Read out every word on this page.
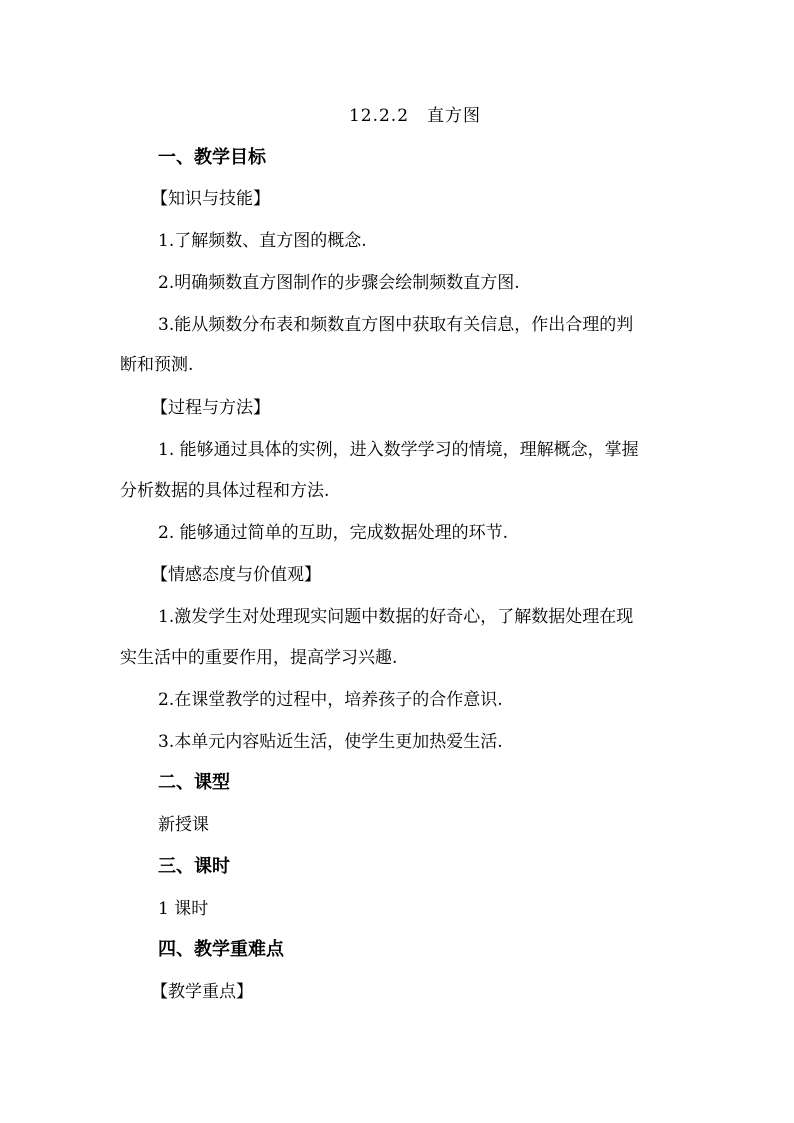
12.2.2　直方图
一、教学目标
【知识与技能】
1.了解频数、直方图的概念.
2.明确频数直方图制作的步骤会绘制频数直方图.
3.能从频数分布表和频数直方图中获取有关信息，作出合理的判
断和预测.
【过程与方法】
1. 能够通过具体的实例，进入数学学习的情境，理解概念，掌握
分析数据的具体过程和方法.
2. 能够通过简单的互助，完成数据处理的环节.
【情感态度与价值观】
1.激发学生对处理现实问题中数据的好奇心，了解数据处理在现
实生活中的重要作用，提高学习兴趣.
2.在课堂教学的过程中，培养孩子的合作意识.
3.本单元内容贴近生活，使学生更加热爱生活.
二、课型
新授课
三、课时
1 课时
四、教学重难点
【教学重点】
